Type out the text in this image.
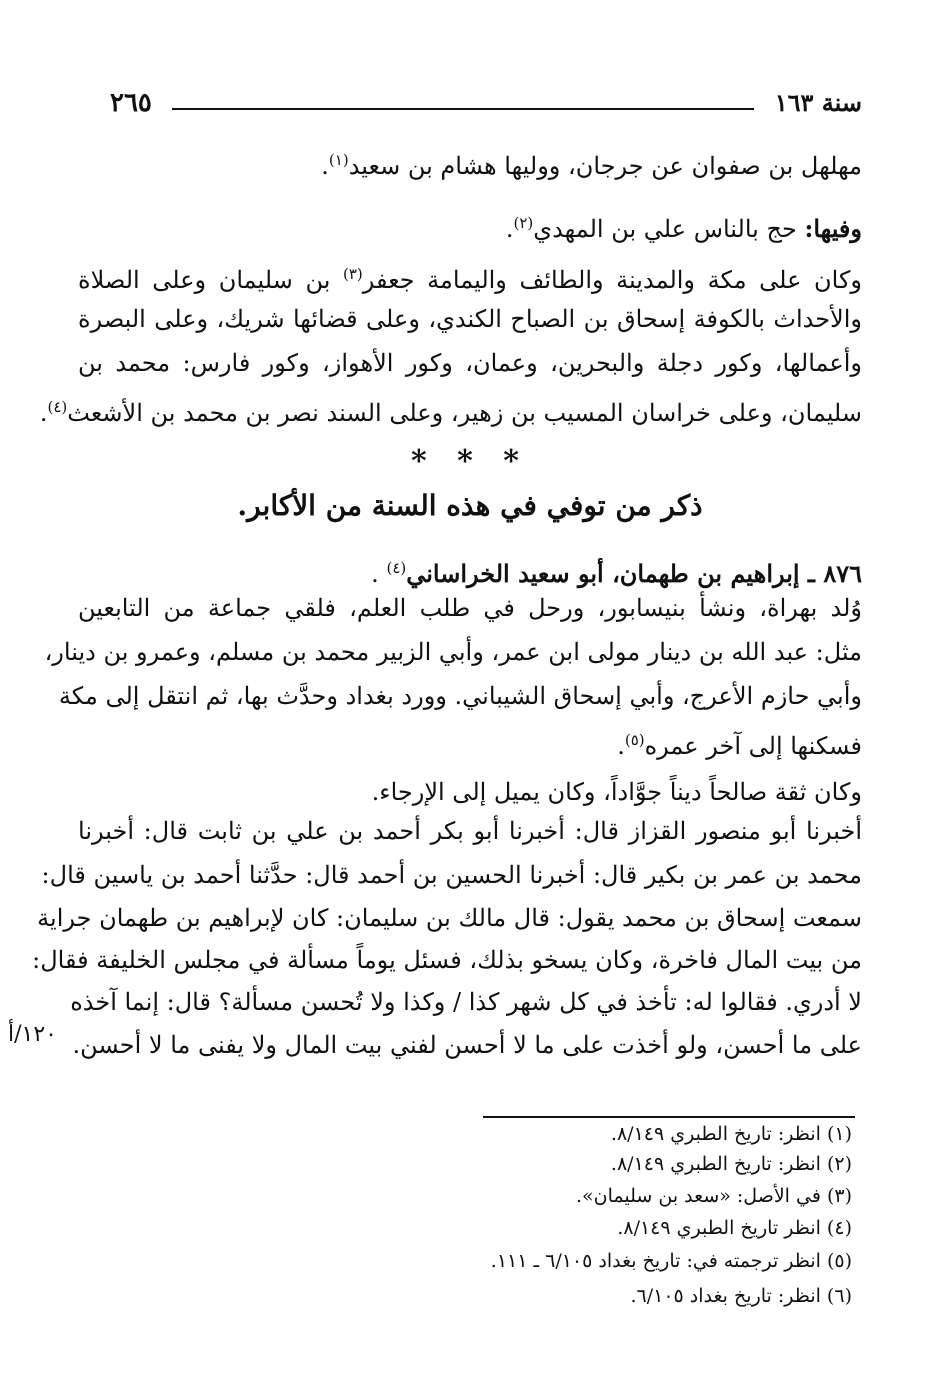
٢٦٥	سنة ١٦٣
مهلهل بن صفوان عن جرجان، ووليها هشام بن سعيد$^{(١)}$.
وفيها: حج بالناس علي بن المهدي$^{(٢)}$.
وكان على مكة والمدينة والطائف واليمامة جعفر$^{(٣)}$ بن سليمان وعلى الصلاة
والأحداث بالكوفة إسحاق بن الصباح الكندي، وعلى قضائها شريك، وعلى البصرة
وأعمالها، وكور دجلة والبحرين، وعمان، وكور الأهواز، وكور فارس: محمد بن
سليمان، وعلى خراسان المسيب بن زهير، وعلى السند نصر بن محمد بن الأشعث$^{(٤)}$.
* * *
ذكر من توفي في هذه السنة من الأكابر.
٨٧٦ ـ إبراهيم بن طهمان، أبو سعيد الخراساني$^{(٤)}$ .
وُلد بهراة، ونشأ بنيسابور، ورحل في طلب العلم، فلقي جماعة من التابعين
مثل: عبد الله بن دينار مولى ابن عمر، وأبي الزبير محمد بن مسلم، وعمرو بن دينار،
وأبي حازم الأعرج، وأبي إسحاق الشيباني. وورد بغداد وحدَّث بها، ثم انتقل إلى مكة
فسكنها إلى آخر عمره$^{(٥)}$.
وكان ثقة صالحاً ديناً جوَّاداً، وكان يميل إلى الإرجاء.
أخبرنا أبو منصور القزاز قال: أخبرنا أبو بكر أحمد بن علي بن ثابت قال: أخبرنا
محمد بن عمر بن بكير قال: أخبرنا الحسين بن أحمد قال: حدَّثنا أحمد بن ياسين قال:
سمعت إسحاق بن محمد يقول: قال مالك بن سليمان: كان لإبراهيم بن طهمان جراية
من بيت المال فاخرة، وكان يسخو بذلك، فسئل يوماً مسألة في مجلس الخليفة فقال:
لا أدري. فقالوا له: تأخذ في كل شهر كذا / وكذا ولا تُحسن مسألة؟ قال: إنما آخذه
على ما أحسن، ولو أخذت على ما لا أحسن لفني بيت المال ولا يفنى ما لا أحسن.
١٢٠/أ
(١) انظر: تاريخ الطبري ٨/١٤٩.
(٢) انظر: تاريخ الطبري ٨/١٤٩.
(٣) في الأصل: «سعد بن سليمان».
(٤) انظر تاريخ الطبري ٨/١٤٩.
(٥) انظر ترجمته في: تاريخ بغداد ٦/١٠٥ ـ ١١١.
(٦) انظر: تاريخ بغداد ٦/١٠٥.
